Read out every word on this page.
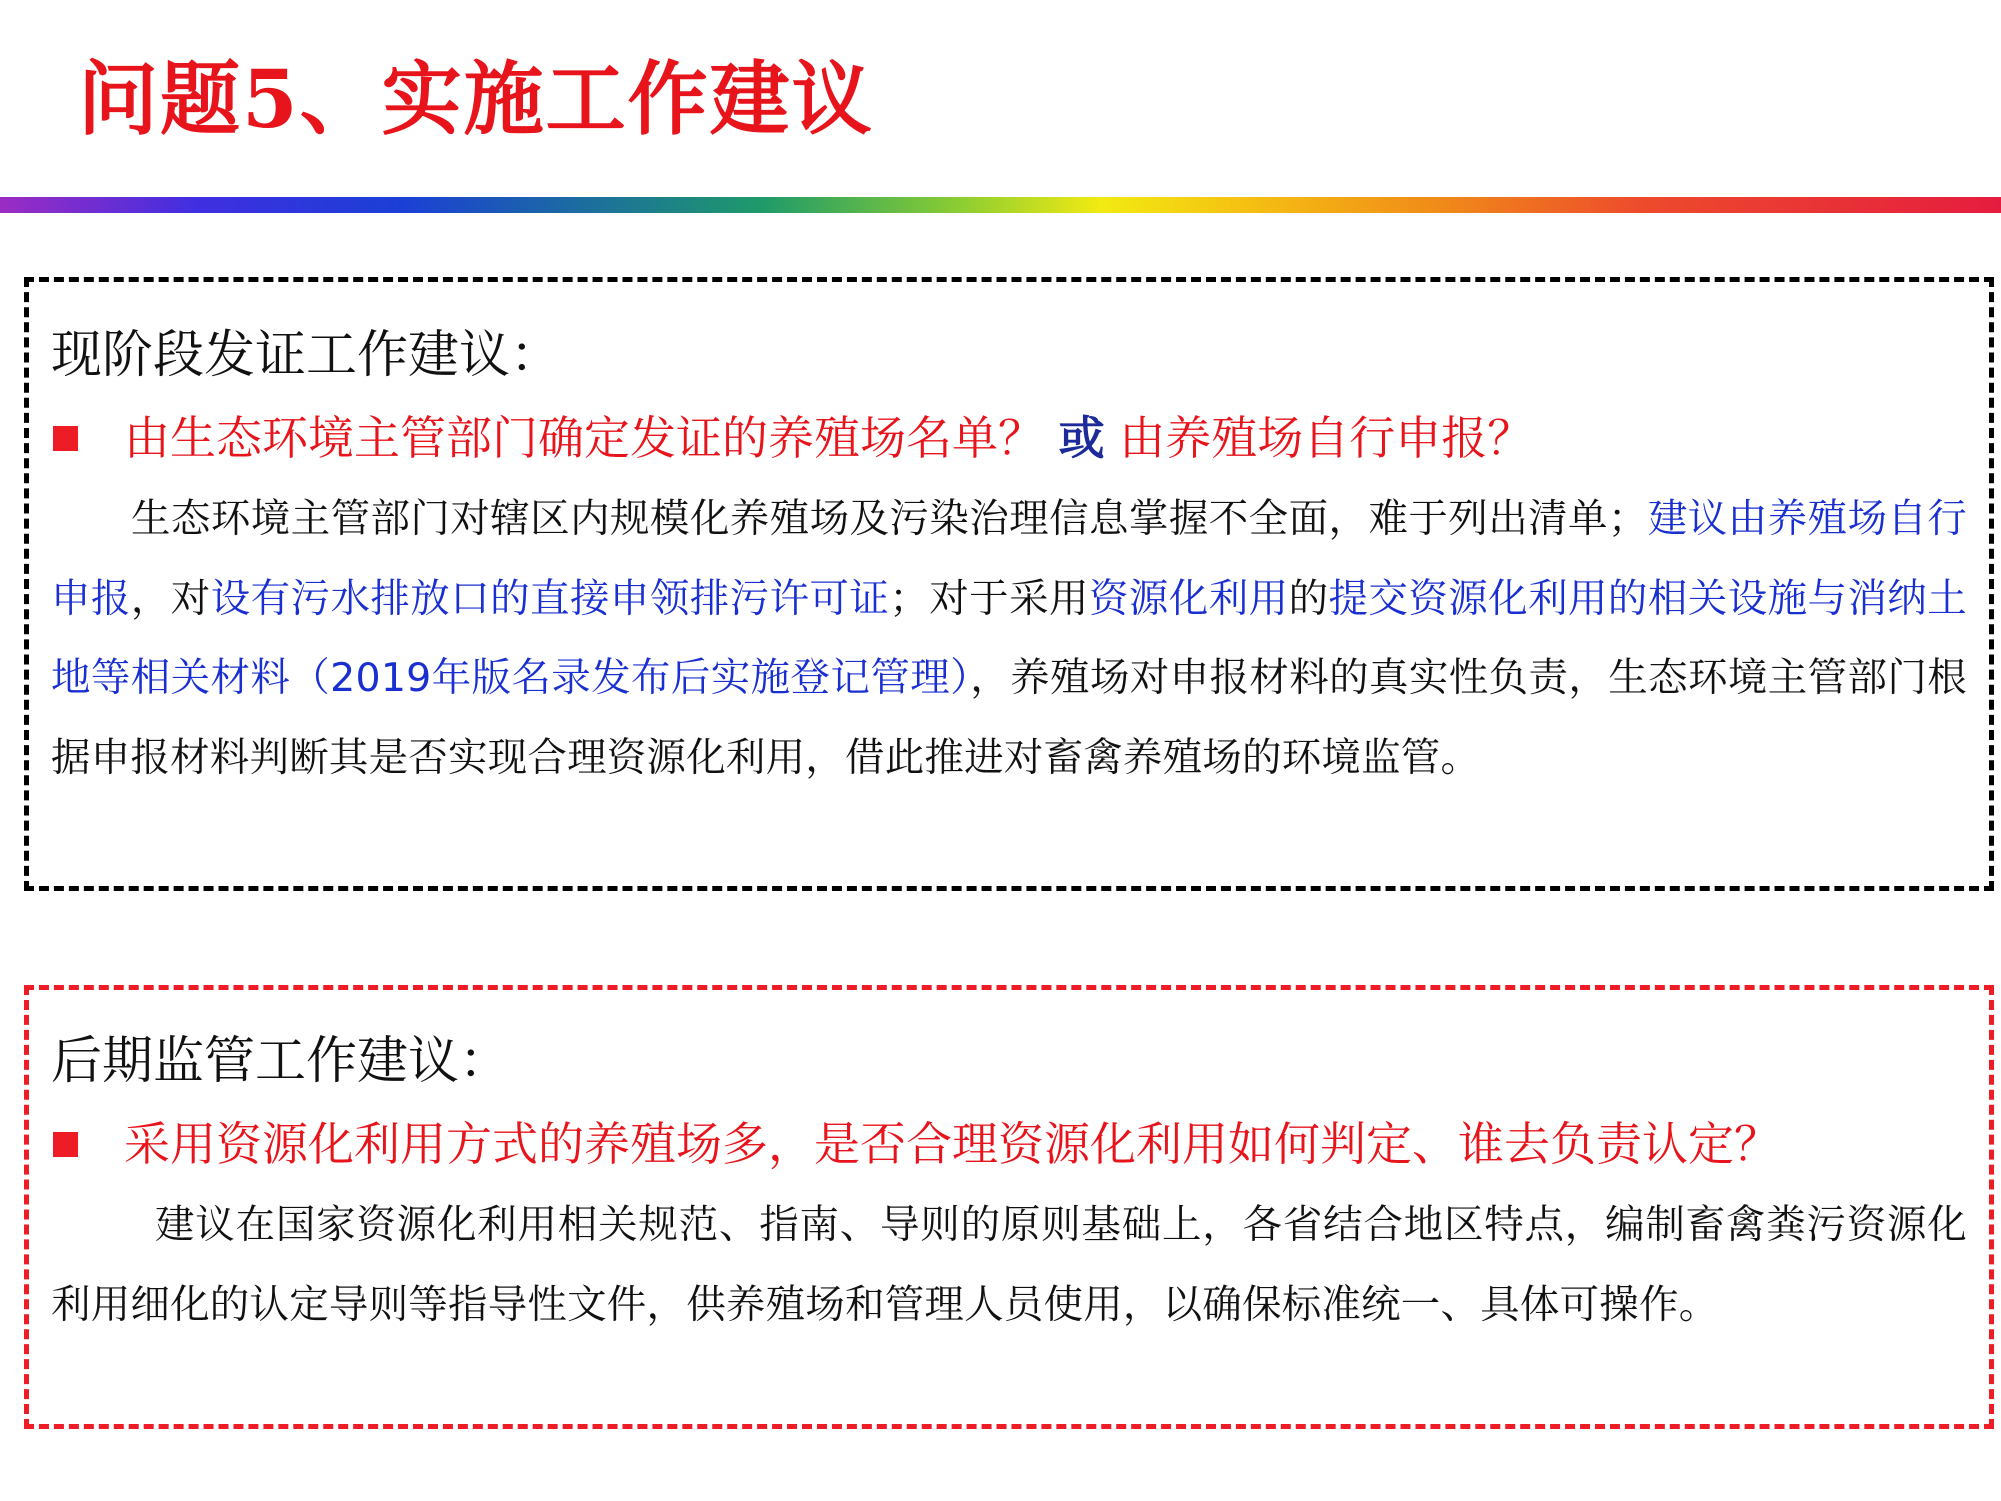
问题5、实施工作建议
现阶段发证工作建议：
由生态环境主管部门确定发证的养殖场名单？ 或 由养殖场自行申报？
生态环境主管部门对辖区内规模化养殖场及污染治理信息掌握不全面，难于列出清单；建议由养殖场自行申报，对设有污水排放口的直接申领排污许可证；对于采用资源化利用的提交资源化利用的相关设施与消纳土地等相关材料（2019年版名录发布后实施登记管理），养殖场对申报材料的真实性负责，生态环境主管部门根据申报材料判断其是否实现合理资源化利用，借此推进对畜禽养殖场的环境监管。
后期监管工作建议：
采用资源化利用方式的养殖场多，是否合理资源化利用如何判定、谁去负责认定？
建议在国家资源化利用相关规范、指南、导则的原则基础上，各省结合地区特点，编制畜禽粪污资源化利用细化的认定导则等指导性文件，供养殖场和管理人员使用，以确保标准统一、具体可操作。
